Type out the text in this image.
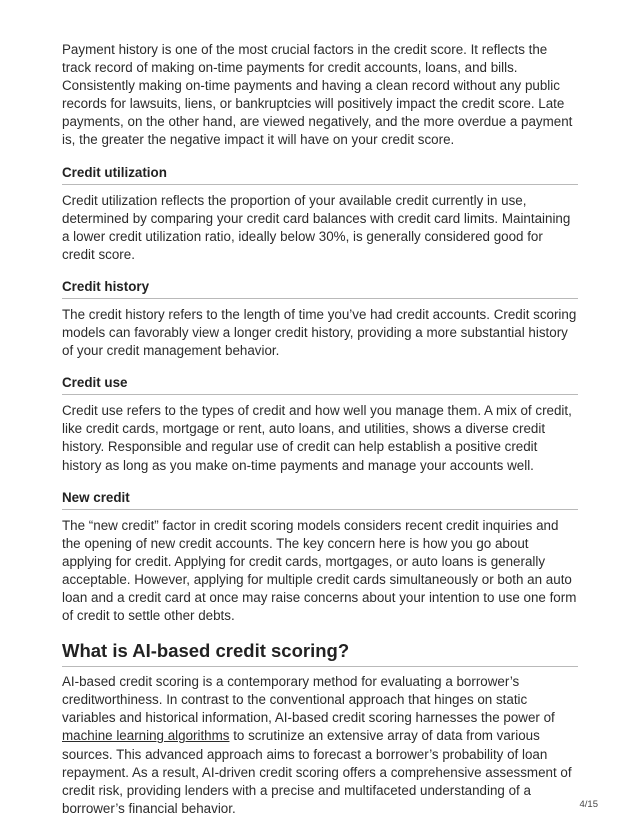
Payment history is one of the most crucial factors in the credit score. It reflects the track record of making on-time payments for credit accounts, loans, and bills. Consistently making on-time payments and having a clean record without any public records for lawsuits, liens, or bankruptcies will positively impact the credit score. Late payments, on the other hand, are viewed negatively, and the more overdue a payment is, the greater the negative impact it will have on your credit score.

Credit utilization

Credit utilization reflects the proportion of your available credit currently in use, determined by comparing your credit card balances with credit card limits. Maintaining a lower credit utilization ratio, ideally below 30%, is generally considered good for credit score.

Credit history

The credit history refers to the length of time you’ve had credit accounts. Credit scoring models can favorably view a longer credit history, providing a more substantial history of your credit management behavior.

Credit use

Credit use refers to the types of credit and how well you manage them. A mix of credit, like credit cards, mortgage or rent, auto loans, and utilities, shows a diverse credit history. Responsible and regular use of credit can help establish a positive credit history as long as you make on-time payments and manage your accounts well.

New credit

The “new credit” factor in credit scoring models considers recent credit inquiries and the opening of new credit accounts. The key concern here is how you go about applying for credit. Applying for credit cards, mortgages, or auto loans is generally acceptable. However, applying for multiple credit cards simultaneously or both an auto loan and a credit card at once may raise concerns about your intention to use one form of credit to settle other debts.

What is AI-based credit scoring?

AI-based credit scoring is a contemporary method for evaluating a borrower’s creditworthiness. In contrast to the conventional approach that hinges on static variables and historical information, AI-based credit scoring harnesses the power of machine learning algorithms to scrutinize an extensive array of data from various sources. This advanced approach aims to forecast a borrower’s probability of loan repayment. As a result, AI-driven credit scoring offers a comprehensive assessment of credit risk, providing lenders with a precise and multifaceted understanding of a borrower’s financial behavior.	4/15
